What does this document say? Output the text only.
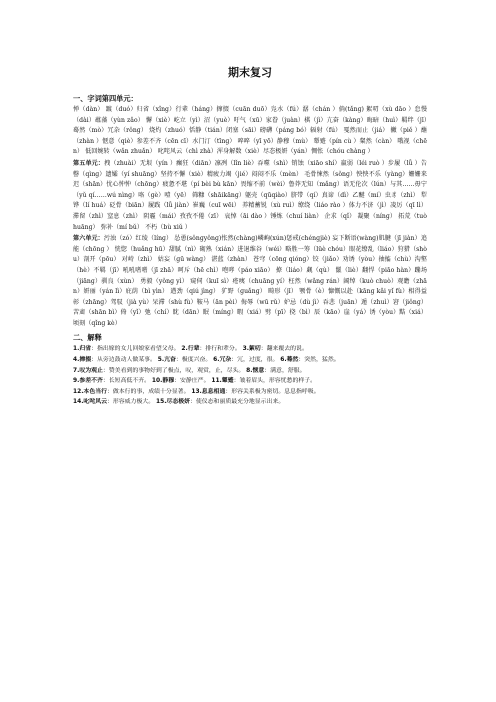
期末复习
一、字词第四单元：

惮（dàn） 踱（duó）归省（xǐng）行辈（hánɡ）撺掇（cuān duō）凫水（fú）潺（chán ）倘(tǎnɡ) 絮叨（xù dāo ）怠慢（dài）蕴藻（yùn zǎo） 懈（xiè）屹立（yì）沼（yuè）吁气（xū）家眷（juàn）棋（jì）亢奋（kànɡ）晦暗（huì）羁绊（jī）蓦然（mò）冗杂（rǒnɡ） 烧灼（zhuó）恬静（tián）闭塞（sāi）磅礴（pánɡ bó）辐射（fú） 戛然而止（jiá） 撇（piě ）蘸（zhàn ）惬意（qiè）参差不齐（cēn cī）水门汀（tīnɡ） 啐啐（yī yō）静穆（mù） 颦蹙（pín cù ）粲然（càn） 哦视（chēn） 低回婉转（wǎn zhuǎn） 叱咤风云（chì zhà）浑身解数（xiè）尽态极妍（yán）惆怅（chóu chànɡ ）

第五单元：拽（zhuài）无垠（yín ）癫狂（diān）凛冽（lǐn liè）吞噬（shì）销蚀（xiāo shí）羸弱（léi ruò ）步履（lǚ ）告罄（qìnɡ）遗孀（yí shuānɡ）坚持不懈（xiè）精疲力竭（jié）闷闷不乐（mèn） 毛骨悚然（sǒnɡ）怏怏不乐（yànɡ）姗姗来迟（shān）忧心忡忡（chōnɡ）疲惫不堪（pí bèi bù kān）畏缩不前（wèi）鲁莽无知（mǎnɡ）语无伦次（lún）与其……毋宁（yǔ qí……wú nìnɡ）咯（ɡè）噎（yē） 筛糠（shāikānɡ）躯壳（qūqiào）脐带（qí）真谛（dì）乙醚（mí）虫豸（zhì） 犁铧（lí huá）砭骨（biān）履践（lǚ jiàn）崔巍（cuī wēi） 养精蓄锐（xù ruì）缭绕（liáo rào ）体力不济（jì）凌厉（qī lì） 滞留（zhì）窒息（zhì） 阴霾（mái）孜孜不倦（zī） 哀悼（āi dào ）锤炼（chuí liàn） 企求（qǐ） 凝聚（nínɡ） 拓荒（tuò huānɡ） 弥补（mí bǔ） 不朽（bù xiǔ ）

第六单元：污浊（zó）红绫（línɡ） 怂恿(sǒnɡyǒnɡ)怅然(chànɡ)嶙峋(xún)惩戒(chénɡjiè) 妄下断语(wànɡ)肌腱（jī jiàn）追能（chōnɡ ） 恍惚（huǎnɡ hū）甜腻（nì）砌熟（xián）进退维谷（wéi）略胜一筹（lüè chóu）眼花缭乱（liáo）狩猎（shòu）剖开（pōu） 对峙（zhì） 姑妄（ɡū wànɡ） 湛蓝（zhàn） 苍穹（cōnɡ qiónɡ）铰（jiǎo）劝诱（yòu）抽搐（chù）沟壑（hè）不羁（jī）吼吼嗜嗜（jī zhā）呵斥（hē chì）咆哮（páo xiāo） 撩（liáo）觑（qù） 鬣（liè）翻悍（piāo hàn）蹦场（jiānɡ）驯良（xùn） 勇毅（yǒnɡ yì） 窥伺（kuī sì）疮痍（chuānɡ yí）枉然（wǎnɡ rán）阔绰（kuò chuò）观瞻（zhān）妍丽（yán lì）庇荫（bì yìn） 遒劲（qiú jìnɡ） 犷野（ɡuǎnɡ） 畸形（jī） 颚骨（è）慷慨以赴（kānɡ kǎi yǐ fù）相得益彰（zhānɡ）驾驭（jià yù）呆滞（shù fù）鞍马（ān pèi）侮辱（wū rǔ）妒忌（dù jì）吞悲（juān）遁（zhuì）窘（jiǒnɡ）苦齑（shān bì）倚（yǐ）弛（chí）眈（dān）眠（mínɡ）暇（xiá）劈（pī）挠（bì）辰（kāo）崖（yá）诱（yòu）黠（xiá）顷刻（qǐnɡ kè）

二、解释

1.归省：指出嫁的女儿回娘家看望父母。 2.行辈：排行和辈分。 3.絮叨：翻来覆去的说。

4.撺掇：从旁边鼓动人做某事。 5.亢奋：极度兴奋。 6.冗杂：冗，过度，很。 6.蓦然：突然，猛然。

7.叹为观止：赞美看到的事物好到了极点，叹，观赏，止，尽头。 8.惬意：满意，舒服。

9.参差不齐：长短高低不齐。 10.静穆：安静庄严。 11.颦蹙：皱着眉头，形容忧愁的样子。

12.本色当行：做本行的事，成绩十分显著。 13.息息相通：形容关系极为密切。息息指呼吸。

14.叱咤风云：形容威力极大。 15.尽态极妍：使仪态和丽质最充分地显示出来。
